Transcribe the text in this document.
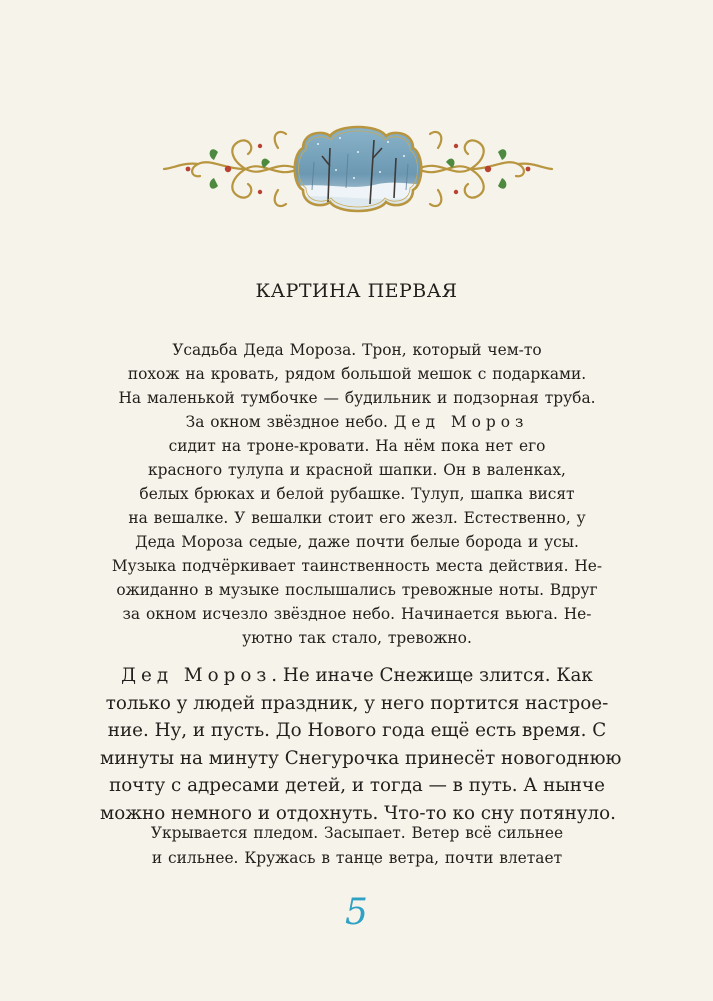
КАРТИНА ПЕРВАЯ

Усадьба Деда Мороза. Трон, который чем-то
похож на кровать, рядом большой мешок с подарками.
На маленькой тумбочке — будильник и подзорная труба.
За окном звёздное небо. Дед Мороз
сидит на троне-кровати. На нём пока нет его
красного тулупа и красной шапки. Он в валенках,
белых брюках и белой рубашке. Тулуп, шапка висят
на вешалке. У вешалки стоит его жезл. Естественно, у
Деда Мороза седые, даже почти белые борода и усы.
Музыка подчёркивает таинственность места действия. Не-
ожиданно в музыке послышались тревожные ноты. Вдруг
за окном исчезло звёздное небо. Начинается вьюга. Не-
уютно так стало, тревожно.

Дед Мороз. Не иначе Снежище злится. Как
только у людей праздник, у него портится настрое-
ние. Ну, и пусть. До Нового года ещё есть время. С
минуты на минуту Снегурочка принесёт новогоднюю
почту с адресами детей, и тогда — в путь. А нынче
можно немного и отдохнуть. Что-то ко сну потянуло.

Укрывается пледом. Засыпает. Ветер всё сильнее
и сильнее. Кружась в танце ветра, почти влетает

5
